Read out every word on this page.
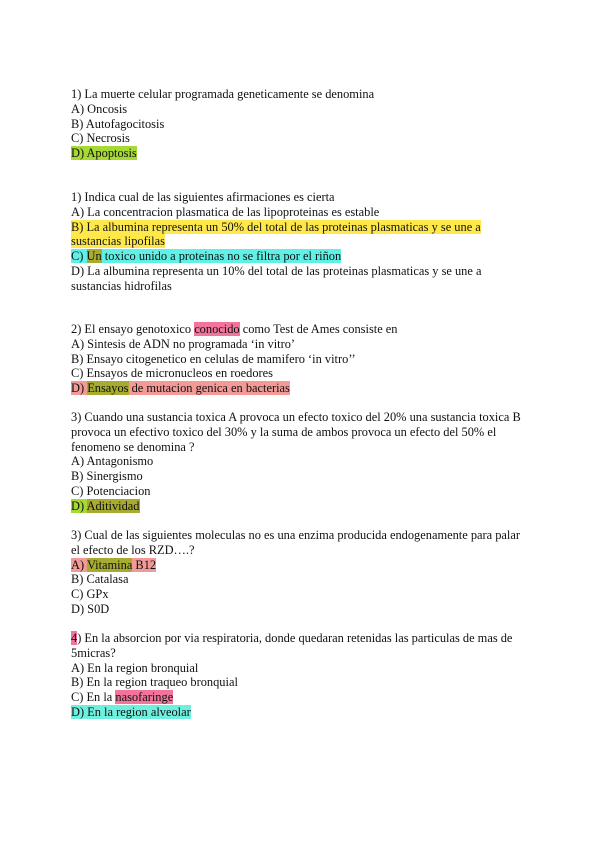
1) La muerte celular programada geneticamente se denomina
A) Oncosis
B) Autofagocitosis
C) Necrosis
D) Apoptosis
1) Indica cual de las siguientes afirmaciones es cierta
A) La concentracion plasmatica de las lipoproteinas es estable
B) La albumina representa un 50% del total de las proteinas plasmaticas y se une a
sustancias lipofilas
C) Un toxico unido a proteinas no se filtra por el riñon
D) La albumina representa un 10% del total de las proteinas plasmaticas y se une a
sustancias hidrofilas
2) El ensayo genotoxico conocido como Test de Ames consiste en
A) Sintesis de ADN no programada ‘in vitro’
B) Ensayo citogenetico en celulas de mamifero ‘in vitro’’
C) Ensayos de micronucleos en roedores
D) Ensayos de mutacion genica en bacterias
3) Cuando una sustancia toxica A provoca un efecto toxico del 20% una sustancia toxica B
provoca un efectivo toxico del 30% y la suma de ambos provoca un efecto del 50% el
fenomeno se denomina ?
A) Antagonismo
B) Sinergismo
C) Potenciacion
D) Aditividad
3) Cual de las siguientes moleculas no es una enzima producida endogenamente para palar
el efecto de los RZD….?
A) Vitamina B12
B) Catalasa
C) GPx
D) S0D
4) En la absorcion por via respiratoria, donde quedaran retenidas las particulas de mas de
5micras?
A) En la region bronquial
B) En la region traqueo bronquial
C) En la nasofaringe
D) En la region alveolar
